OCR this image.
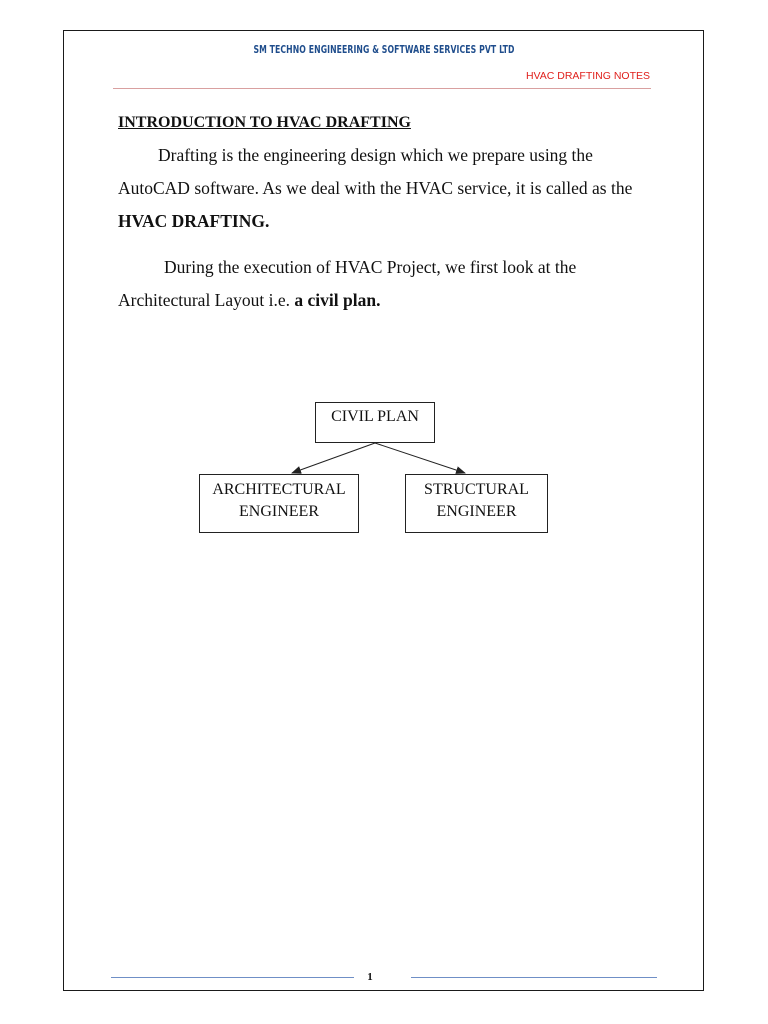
SM TECHNO ENGINEERING & SOFTWARE SERVICES PVT LTD
HVAC DRAFTING NOTES
INTRODUCTION TO HVAC DRAFTING
Drafting is the engineering design which we prepare using the AutoCAD software. As we deal with the HVAC service, it is called as the HVAC DRAFTING.
During the execution of HVAC Project, we first look at the Architectural Layout i.e. a civil plan.
CIVIL PLAN
ARCHITECTURAL
ENGINEER
STRUCTURAL
ENGINEER
1
